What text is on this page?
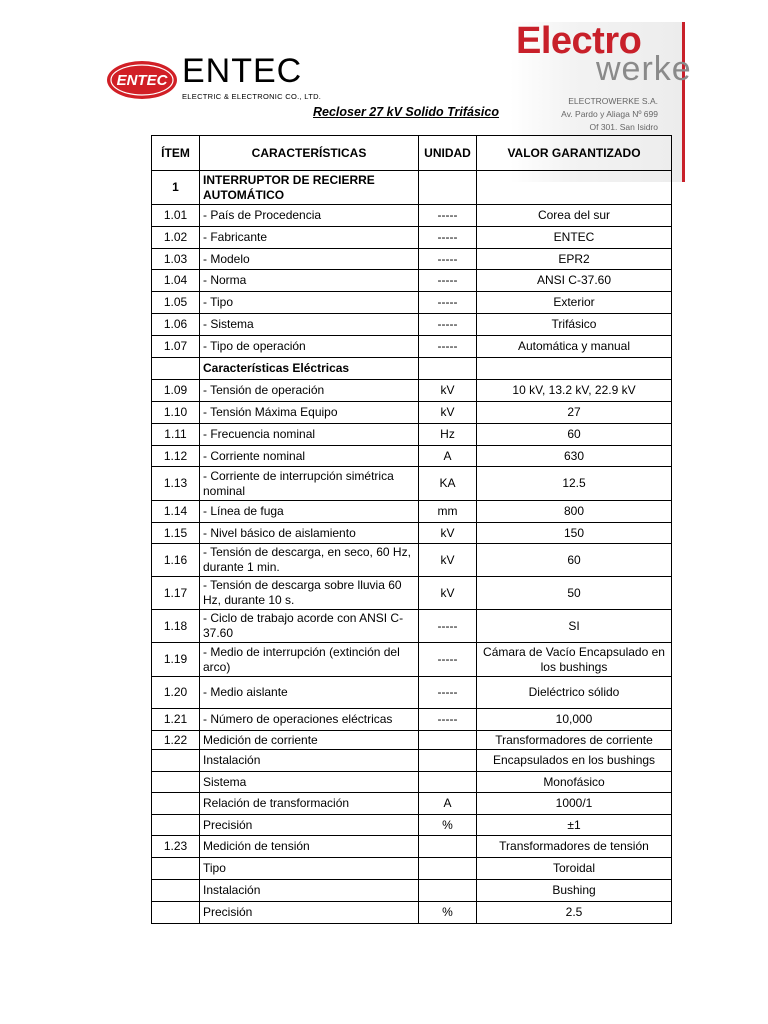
ENTEC ENTEC
ELECTRIC & ELECTRONIC CO., LTD.
Recloser 27 kV Solido Trifásico
Electro
werke
ELECTROWERKE S.A.
Av. Pardo y Aliaga Nº 699
Of 301. San Isidro
ÍTEM	CARACTERÍSTICAS	UNIDAD	VALOR GARANTIZADO
1	INTERRUPTOR DE RECIERRE AUTOMÁTICO		
1.01	- País de Procedencia	-----	Corea del sur
1.02	- Fabricante	-----	ENTEC
1.03	- Modelo	-----	EPR2
1.04	- Norma	-----	ANSI C-37.60
1.05	- Tipo	-----	Exterior
1.06	- Sistema	-----	Trifásico
1.07	- Tipo de operación	-----	Automática y manual
	Características Eléctricas		
1.09	- Tensión de operación	kV	10 kV, 13.2 kV, 22.9 kV
1.10	- Tensión Máxima Equipo	kV	27
1.11	- Frecuencia nominal	Hz	60
1.12	- Corriente nominal	A	630
1.13	- Corriente de interrupción simétrica nominal	KA	12.5
1.14	- Línea de fuga	mm	800
1.15	- Nivel básico de aislamiento	kV	150
1.16	- Tensión de descarga, en seco, 60 Hz, durante 1 min.	kV	60
1.17	- Tensión de descarga sobre lluvia 60 Hz, durante 10 s.	kV	50
1.18	- Ciclo de trabajo acorde con ANSI C-37.60	-----	SI
1.19	- Medio de interrupción (extinción del arco)	-----	Cámara de Vacío Encapsulado en los bushings
1.20	- Medio aislante	-----	Dieléctrico sólido
1.21	- Número de operaciones eléctricas	-----	10,000
1.22	Medición de corriente		Transformadores de corriente
	Instalación		Encapsulados en los bushings
	Sistema		Monofásico
	Relación de transformación	A	1000/1
	Precisión	%	±1
1.23	Medición de tensión		Transformadores de tensión
	Tipo		Toroidal
	Instalación		Bushing
	Precisión	%	2.5
